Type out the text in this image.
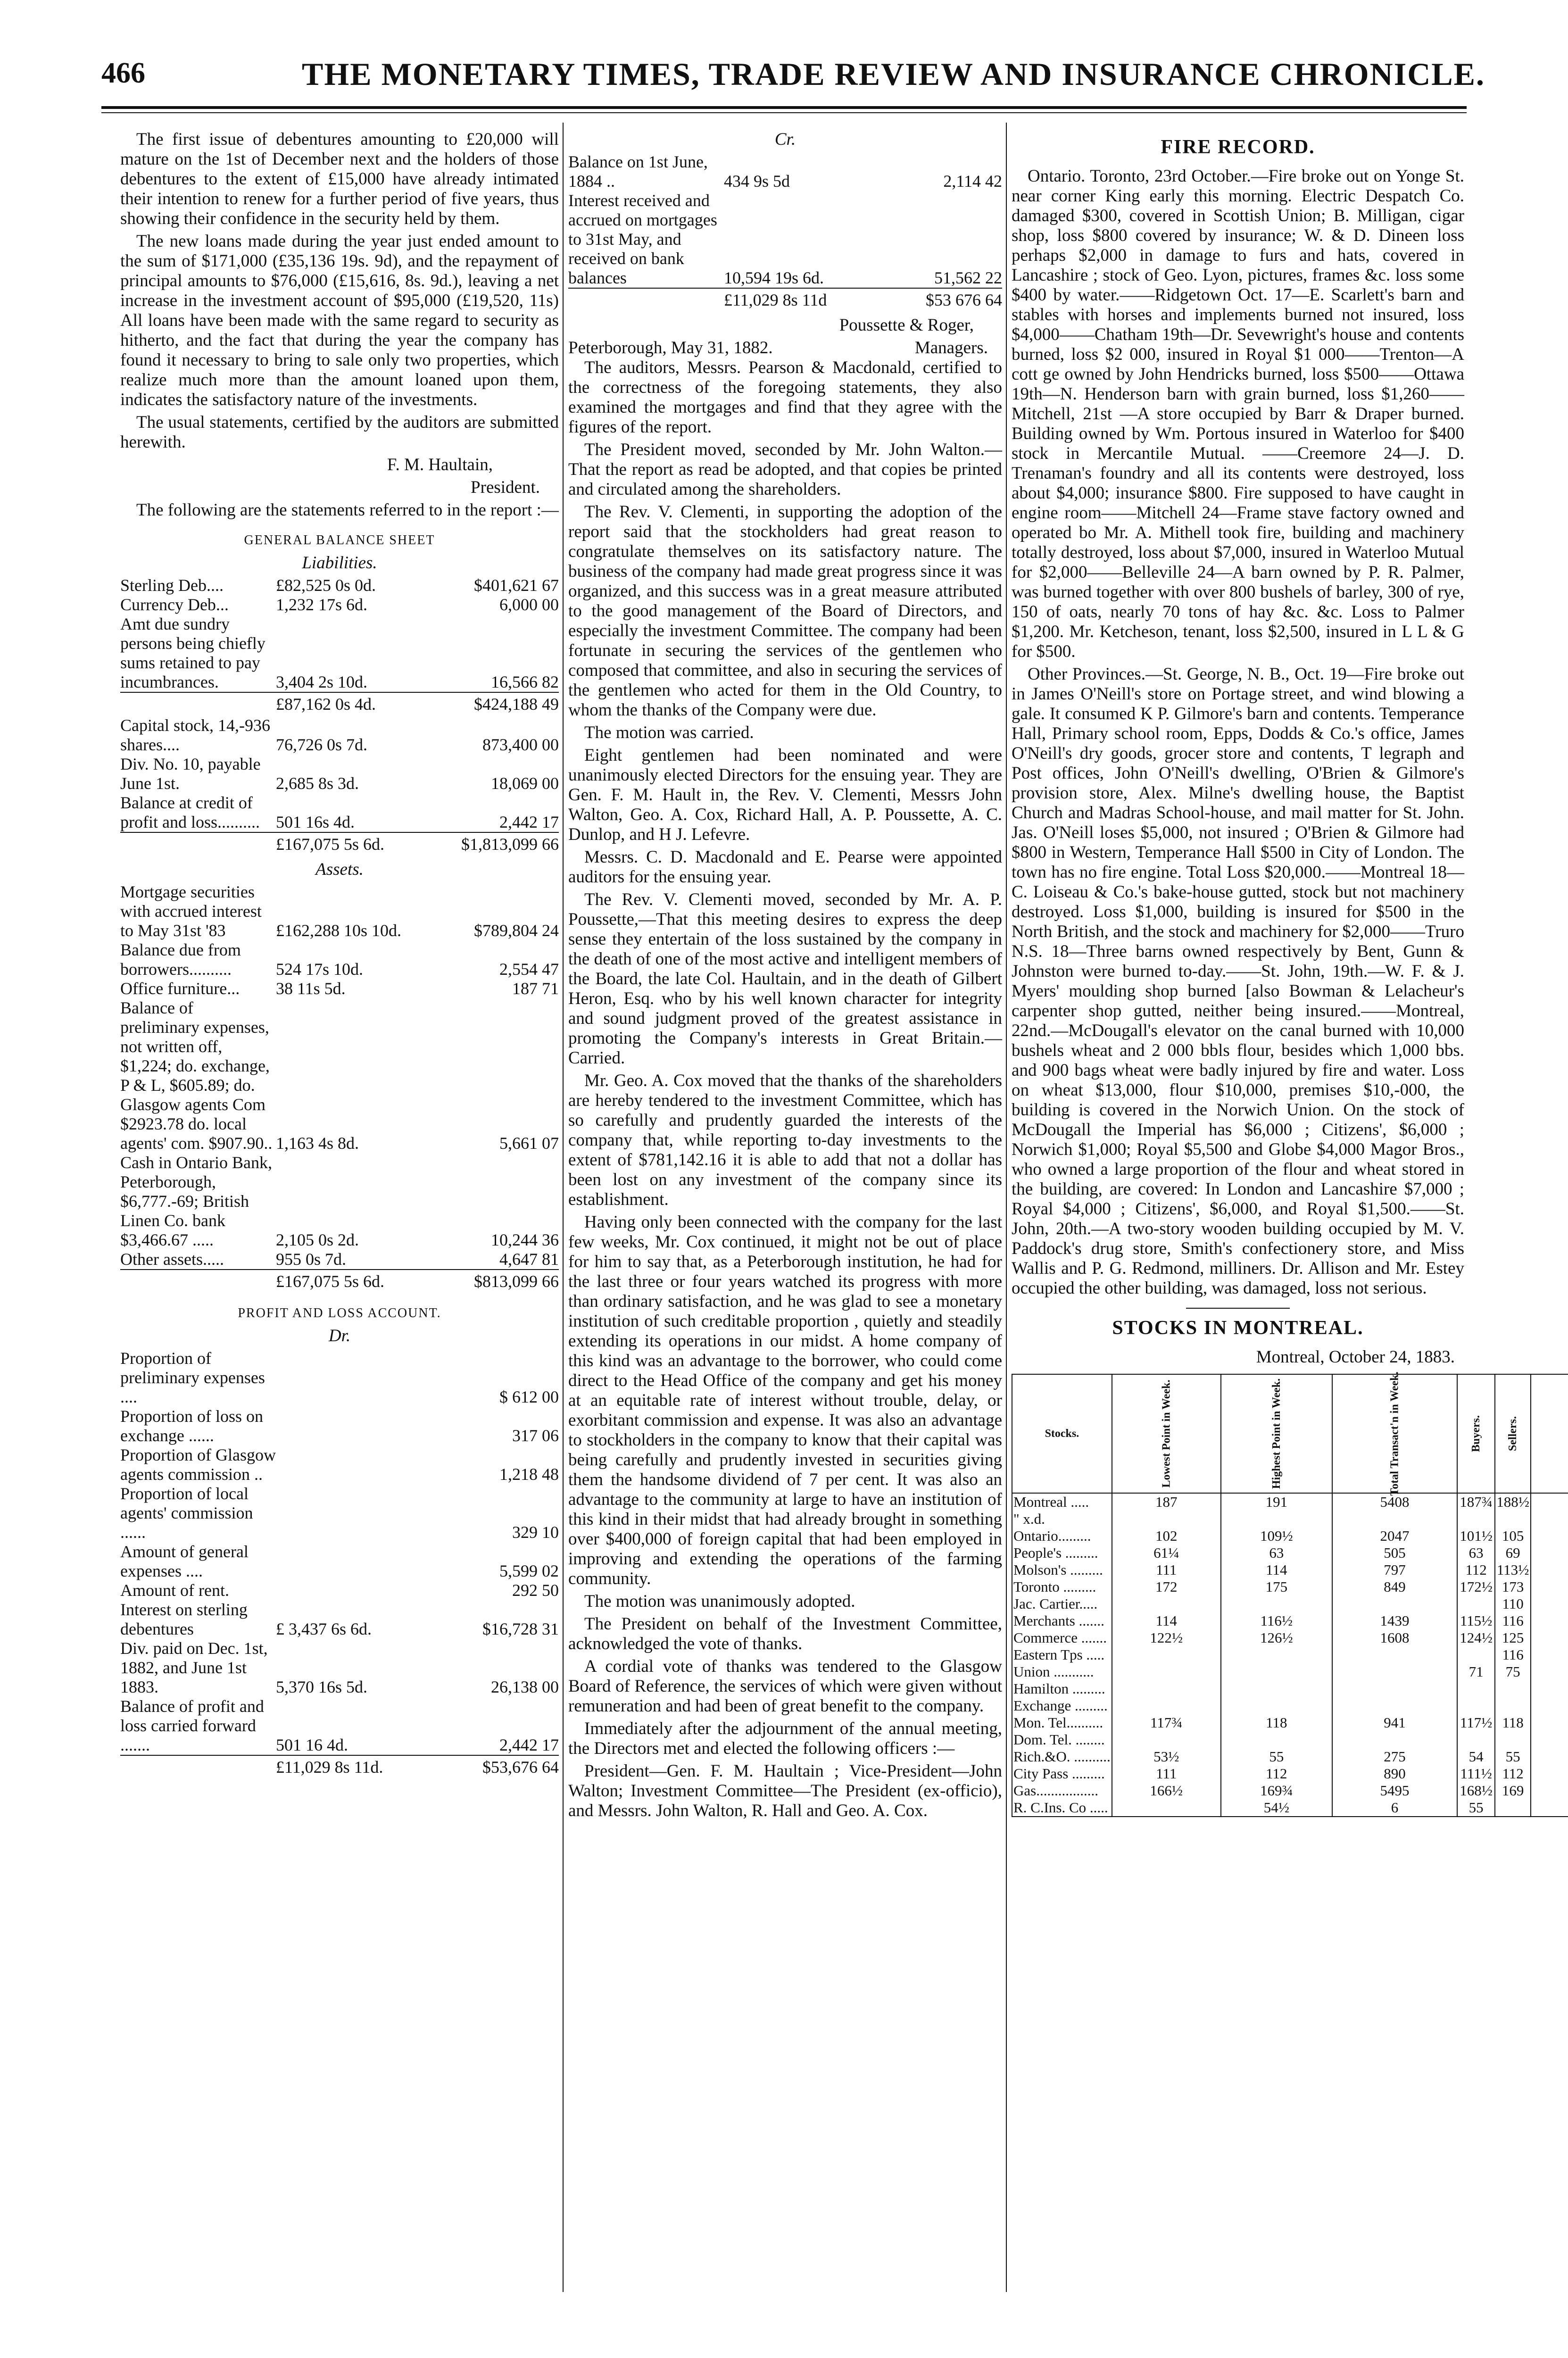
466	THE MONETARY TIMES, TRADE REVIEW AND INSURANCE CHRONICLE.

The first issue of debentures amounting to £20,000 will mature on the 1st of December next and the holders of those debentures to the extent of £15,000 have already intimated their intention to renew for a further period of five years, thus showing their confidence in the security held by them.

The new loans made during the year just ended amount to the sum of $171,000 (£35,136 19s. 9d), and the repayment of principal amounts to $76,000 (£15,616, 8s. 9d.), leaving a net increase in the investment account of $95,000 (£19,520, 11s) All loans have been made with the same regard to security as hitherto, and the fact that during the year the company has found it necessary to bring to sale only two properties, which realize much more than the amount loaned upon them, indicates the satisfactory nature of the investments.

The usual statements, certified by the auditors are submitted herewith.

F. M. Haultain,

President.

The following are the statements referred to in the report :—

GENERAL BALANCE SHEET

Liabilities.

Sterling Deb....	£82,525 0s 0d.	$401,621 67
Currency Deb...	1,232 17s 6d.	6,000 00
Amt due sundry persons being chiefly sums retained to pay incumbrances.	3,404 2s 10d.	16,566 82
	£87,162 0s 4d.	$424,188 49
Capital stock, 14,-936 shares....	76,726 0s 7d.	873,400 00
Div. No. 10, payable June 1st.	2,685 8s 3d.	18,069 00
Balance at credit of profit and loss..........	501 16s 4d.	2,442 17
	£167,075 5s 6d.	$1,813,099 66

Assets.

Mortgage securities with accrued interest to May 31st '83	£162,288 10s 10d.	$789,804 24
Balance due from borrowers..........	524 17s 10d.	2,554 47
Office furniture...	38 11s 5d.	187 71
Balance of preliminary expenses, not written off, $1,224; do. exchange, P & L, $605.89; do. Glasgow agents Com $2923.78 do. local agents' com. $907.90..	1,163 4s 8d.	5,661 07
Cash in Ontario Bank, Peterborough, $6,777.-69; British Linen Co. bank $3,466.67 .....	2,105 0s 2d.	10,244 36
Other assets.....	955 0s 7d.	4,647 81
	£167,075 5s 6d.	$813,099 66

PROFIT AND LOSS ACCOUNT.

Dr.

Proportion of preliminary expenses ....		$ 612 00
Proportion of loss on exchange ......		317 06
Proportion of Glasgow agents commission ..		1,218 48
Proportion of local agents' commission ......		329 10
Amount of general expenses ....		5,599 02
Amount of rent.		292 50
Interest on sterling debentures	£ 3,437 6s 6d.	$16,728 31
Div. paid on Dec. 1st, 1882, and June 1st 1883.	5,370 16s 5d.	26,138 00
Balance of profit and loss carried forward .......	501 16 4d.	2,442 17
	£11,029 8s 11d.	$53,676 64

Cr.

Balance on 1st June, 1884 ..	434 9s 5d	2,114 42
Interest received and accrued on mortgages to 31st May, and received on bank balances	10,594 19s 6d.	51,562 22
	£11,029 8s 11d	$53 676 64

Poussette & Roger,

Peterborough, May 31, 1882.	Managers.

The auditors, Messrs. Pearson & Macdonald, certified to the correctness of the foregoing statements, they also examined the mortgages and find that they agree with the figures of the report.

The President moved, seconded by Mr. John Walton.—That the report as read be adopted, and that copies be printed and circulated among the shareholders.

The Rev. V. Clementi, in supporting the adoption of the report said that the stockholders had great reason to congratulate themselves on its satisfactory nature. The business of the company had made great progress since it was organized, and this success was in a great measure attributed to the good management of the Board of Directors, and especially the investment Committee. The company had been fortunate in securing the services of the gentlemen who composed that committee, and also in securing the services of the gentlemen who acted for them in the Old Country, to whom the thanks of the Company were due.

The motion was carried.

Eight gentlemen had been nominated and were unanimously elected Directors for the ensuing year. They are Gen. F. M. Hault in, the Rev. V. Clementi, Messrs John Walton, Geo. A. Cox, Richard Hall, A. P. Poussette, A. C. Dunlop, and H J. Lefevre.

Messrs. C. D. Macdonald and E. Pearse were appointed auditors for the ensuing year.

The Rev. V. Clementi moved, seconded by Mr. A. P. Poussette,—That this meeting desires to express the deep sense they entertain of the loss sustained by the company in the death of one of the most active and intelligent members of the Board, the late Col. Haultain, and in the death of Gilbert Heron, Esq. who by his well known character for integrity and sound judgment proved of the greatest assistance in promoting the Company's interests in Great Britain.—Carried.

Mr. Geo. A. Cox moved that the thanks of the shareholders are hereby tendered to the investment Committee, which has so carefully and prudently guarded the interests of the company that, while reporting to-day investments to the extent of $781,142.16 it is able to add that not a dollar has been lost on any investment of the company since its establishment.

Having only been connected with the company for the last few weeks, Mr. Cox continued, it might not be out of place for him to say that, as a Peterborough institution, he had for the last three or four years watched its progress with more than ordinary satisfaction, and he was glad to see a monetary institution of such creditable proportion , quietly and steadily extending its operations in our midst. A home company of this kind was an advantage to the borrower, who could come direct to the Head Office of the company and get his money at an equitable rate of interest without trouble, delay, or exorbitant commission and expense. It was also an advantage to stockholders in the company to know that their capital was being carefully and prudently invested in securities giving them the handsome dividend of 7 per cent. It was also an advantage to the community at large to have an institution of this kind in their midst that had already brought in something over $400,000 of foreign capital that had been employed in improving and extending the operations of the farming community.

The motion was unanimously adopted.

The President on behalf of the Investment Committee, acknowledged the vote of thanks.

A cordial vote of thanks was tendered to the Glasgow Board of Reference, the services of which were given without remuneration and had been of great benefit to the company.

Immediately after the adjournment of the annual meeting, the Directors met and elected the following officers :—

President—Gen. F. M. Haultain ; Vice-President—John Walton; Investment Committee—The President (ex-officio), and Messrs. John Walton, R. Hall and Geo. A. Cox.

FIRE RECORD.

Ontario. Toronto, 23rd October.—Fire broke out on Yonge St. near corner King early this morning. Electric Despatch Co. damaged $300, covered in Scottish Union; B. Milligan, cigar shop, loss $800 covered by insurance; W. & D. Dineen loss perhaps $2,000 in damage to furs and hats, covered in Lancashire ; stock of Geo. Lyon, pictures, frames &c. loss some $400 by water.——Ridgetown Oct. 17—E. Scarlett's barn and stables with horses and implements burned not insured, loss $4,000——Chatham 19th—Dr. Sevewright's house and contents burned, loss $2 000, insured in Royal $1 000——Trenton—A cott ge owned by John Hendricks burned, loss $500——Ottawa 19th—N. Henderson barn with grain burned, loss $1,260——Mitchell, 21st —A store occupied by Barr & Draper burned. Building owned by Wm. Portous insured in Waterloo for $400 stock in Mercantile Mutual. ——Creemore 24—J. D. Trenaman's foundry and all its contents were destroyed, loss about $4,000; insurance $800. Fire supposed to have caught in engine room——Mitchell 24—Frame stave factory owned and operated bo Mr. A. Mithell took fire, building and machinery totally destroyed, loss about $7,000, insured in Waterloo Mutual for $2,000——Belleville 24—A barn owned by P. R. Palmer, was burned together with over 800 bushels of barley, 300 of rye, 150 of oats, nearly 70 tons of hay &c. &c. Loss to Palmer $1,200. Mr. Ketcheson, tenant, loss $2,500, insured in L L & G for $500.

Other Provinces.—St. George, N. B., Oct. 19—Fire broke out in James O'Neill's store on Portage street, and wind blowing a gale. It consumed K P. Gilmore's barn and contents. Temperance Hall, Primary school room, Epps, Dodds & Co.'s office, James O'Neill's dry goods, grocer store and contents, T legraph and Post offices, John O'Neill's dwelling, O'Brien & Gilmore's provision store, Alex. Milne's dwelling house, the Baptist Church and Madras School-house, and mail matter for St. John. Jas. O'Neill loses $5,000, not insured ; O'Brien & Gilmore had $800 in Western, Temperance Hall $500 in City of London. The town has no fire engine. Total Loss $20,000.——Montreal 18—C. Loiseau & Co.'s bake-house gutted, stock but not machinery destroyed. Loss $1,000, building is insured for $500 in the North British, and the stock and machinery for $2,000——Truro N.S. 18—Three barns owned respectively by Bent, Gunn & Johnston were burned to-day.——St. John, 19th.—W. F. & J. Myers' moulding shop burned [also Bowman & Lelacheur's carpenter shop gutted, neither being insured.——Montreal, 22nd.—McDougall's elevator on the canal burned with 10,000 bushels wheat and 2 000 bbls flour, besides which 1,000 bbs. and 900 bags wheat were badly injured by fire and water. Loss on wheat $13,000, flour $10,000, premises $10,-000, the building is covered in the Norwich Union. On the stock of McDougall the Imperial has $6,000 ; Citizens', $6,000 ; Norwich $1,000; Royal $5,500 and Globe $4,000 Magor Bros., who owned a large proportion of the flour and wheat stored in the building, are covered: In London and Lancashire $7,000 ; Royal $4,000 ; Citizens', $6,000, and Royal $1,500.——St. John, 20th.—A two-story wooden building occupied by M. V. Paddock's drug store, Smith's confectionery store, and Miss Wallis and P. G. Redmond, milliners. Dr. Allison and Mr. Estey occupied the other building, was damaged, loss not serious.

STOCKS IN MONTREAL.

Montreal, October 24, 1883.

Stocks.	Lowest Point in Week.	Highest Point in Week.	Total Transact'n in Week.	Buyers.	Sellers.	
Montreal .....	187	191	5408	187¾	188½	
" x.d.						
Ontario.........	102	109½	2047	101½	105	
People's .........	61¼	63	505	63	69	
Molson's .........	111	114	797	112	113½	
Toronto .........	172	175	849	172½	173	
Jac. Cartier.....					110	
Merchants .......	114	116½	1439	115½	116	
Commerce .......	122½	126½	1608	124½	125	
Eastern Tps .....					116	
Union ...........				71	75	
Hamilton .........						
Exchange .........						
Mon. Tel..........	117¾	118	941	117½	118	
Dom. Tel. ........						
Rich.&O. ..........	53½	55	275	54	55	
City Pass .........	111	112	890	111½	112	
Gas.................	166½	169¾	5495	168½	169	
R. C.Ins. Co .....		54½	6	55		
